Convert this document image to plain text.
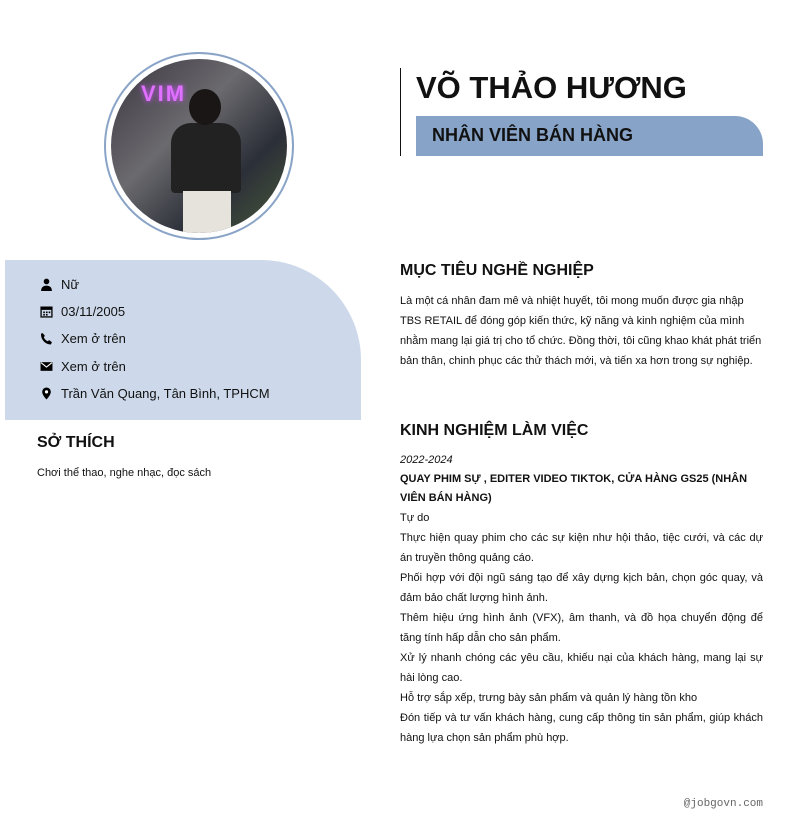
VIM
Nữ
03/11/2005
Xem ở trên
Xem ở trên
Trần Văn Quang, Tân Bình, TPHCM
SỞ THÍCH
Chơi thể thao, nghe nhạc, đọc sách
VÕ THẢO HƯƠNG
NHÂN VIÊN BÁN HÀNG
MỤC TIÊU NGHỀ NGHIỆP
Là một cá nhân đam mê và nhiệt huyết, tôi mong muốn được gia nhập TBS RETAIL để đóng góp kiến thức, kỹ năng và kinh nghiệm của mình nhằm mang lại giá trị cho tổ chức. Đồng thời, tôi cũng khao khát phát triển bản thân, chinh phục các thử thách mới, và tiến xa hơn trong sự nghiệp.
KINH NGHIỆM LÀM VIỆC
2022-2024
QUAY PHIM SỰ , EDITER VIDEO TIKTOK, CỬA HÀNG GS25 (NHÂN VIÊN BÁN HÀNG)
Tự do
Thực hiện quay phim cho các sự kiện như hội thảo, tiệc cưới, và các dự án truyền thông quảng cáo.
Phối hợp với đội ngũ sáng tạo để xây dựng kịch bản, chọn góc quay, và đảm bảo chất lượng hình ảnh.
Thêm hiệu ứng hình ảnh (VFX), âm thanh, và đồ họa chuyển động để tăng tính hấp dẫn cho sản phẩm.
Xử lý nhanh chóng các yêu cầu, khiếu nại của khách hàng, mang lại sự hài lòng cao.
Hỗ trợ sắp xếp, trưng bày sản phẩm và quản lý hàng tồn kho
Đón tiếp và tư vấn khách hàng, cung cấp thông tin sản phẩm, giúp khách hàng lựa chọn sản phẩm phù hợp.
@jobgovn.com
